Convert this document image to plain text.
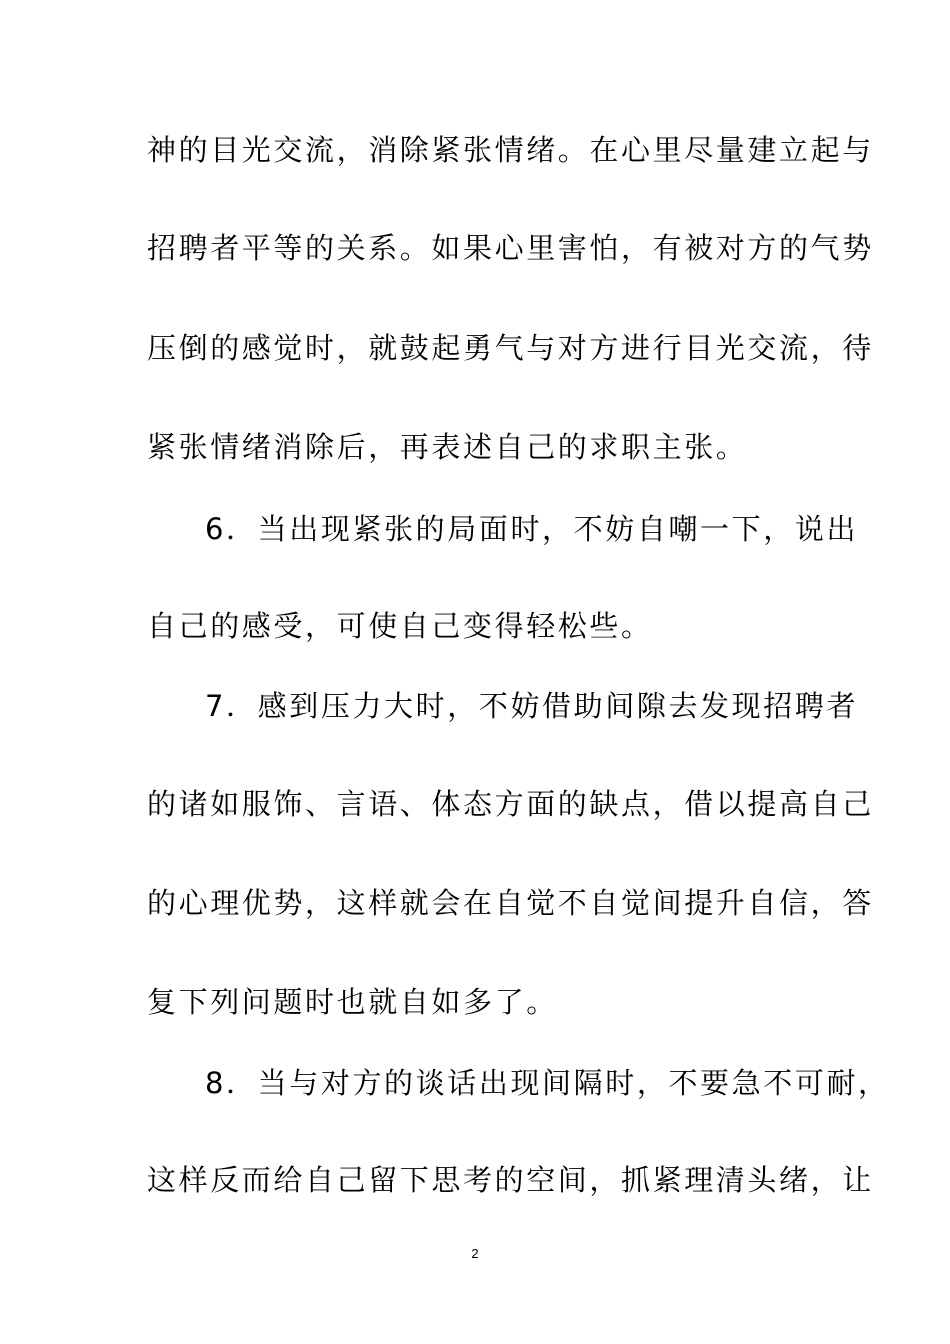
神的目光交流，消除紧张情绪。在心里尽量建立起与
招聘者平等的关系。如果心里害怕，有被对方的气势
压倒的感觉时，就鼓起勇气与对方进行目光交流，待
紧张情绪消除后，再表述自己的求职主张。
6．当出现紧张的局面时，不妨自嘲一下，说出
自己的感受，可使自己变得轻松些。
7．感到压力大时，不妨借助间隙去发现招聘者
的诸如服饰、言语、体态方面的缺点，借以提高自己
的心理优势，这样就会在自觉不自觉间提升自信，答
复下列问题时也就自如多了。
8．当与对方的谈话出现间隔时，不要急不可耐，
这样反而给自己留下思考的空间，抓紧理清头绪，让
2
